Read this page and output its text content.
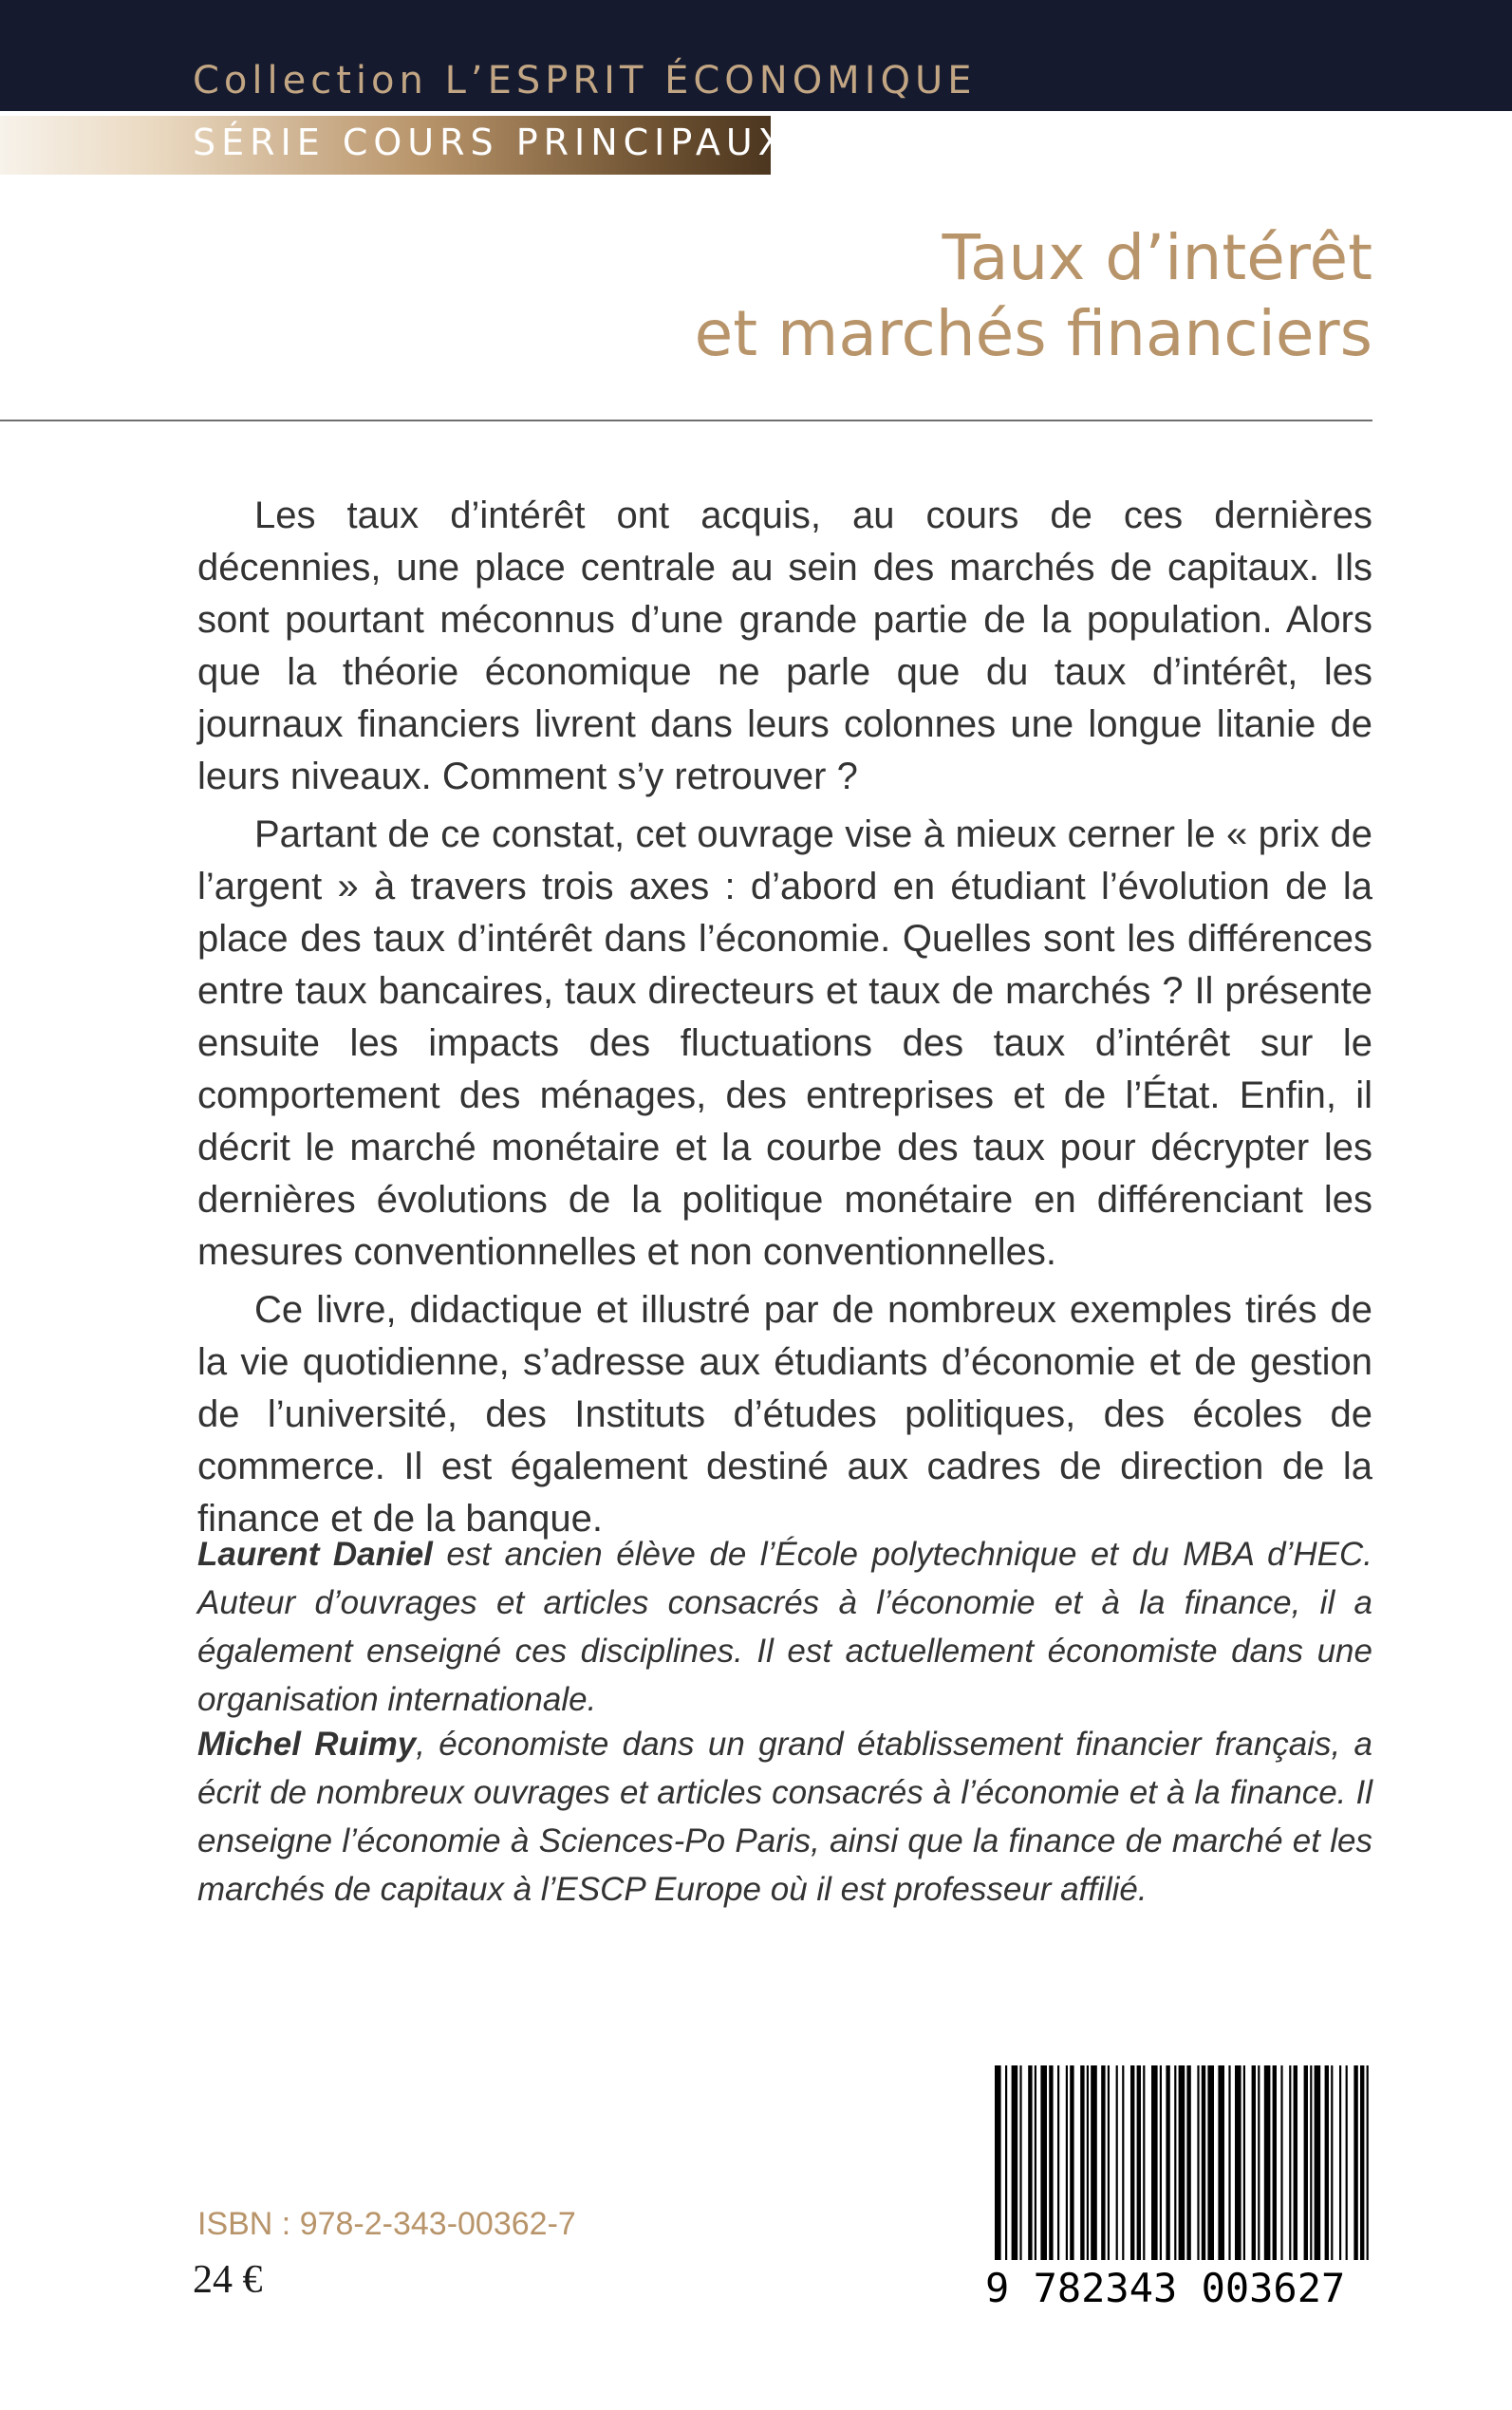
Collection L’ESPRIT ÉCONOMIQUE
SÉRIE COURS PRINCIPAUX
Taux d’intérêt
et marchés financiers

Les taux d’intérêt ont acquis, au cours de ces dernières décennies, une place centrale au sein des marchés de capitaux. Ils sont pourtant méconnus d’une grande partie de la population. Alors que la théorie économique ne parle que du taux d’intérêt, les journaux financiers livrent dans leurs colonnes une longue litanie de leurs niveaux. Comment s’y retrouver ?

Partant de ce constat, cet ouvrage vise à mieux cerner le « prix de l’argent » à travers trois axes : d’abord en étudiant l’évolution de la place des taux d’intérêt dans l’économie. Quelles sont les différences entre taux bancaires, taux directeurs et taux de marchés ? Il présente ensuite les impacts des fluctuations des taux d’intérêt sur le comportement des ménages, des entreprises et de l’État. Enfin, il décrit le marché monétaire et la courbe des taux pour décrypter les dernières évolutions de la politique monétaire en différenciant les mesures conventionnelles et non conventionnelles.

Ce livre, didactique et illustré par de nombreux exemples tirés de la vie quotidienne, s’adresse aux étudiants d’économie et de gestion de l’université, des Instituts d’études politiques, des écoles de commerce. Il est également destiné aux cadres de direction de la finance et de la banque.

Laurent Daniel est ancien élève de l’École polytechnique et du MBA d’HEC. Auteur d’ouvrages et articles consacrés à l’économie et à la finance, il a également enseigné ces disciplines. Il est actuellement économiste dans une organisation internationale.
Michel Ruimy, économiste dans un grand établissement financier français, a écrit de nombreux ouvrages et articles consacrés à l’économie et à la finance. Il enseigne l’économie à Sciences-Po Paris, ainsi que la finance de marché et les marchés de capitaux à l’ESCP Europe où il est professeur affilié.
ISBN : 978-2-343-00362-7
24 €	9 782343 003627
